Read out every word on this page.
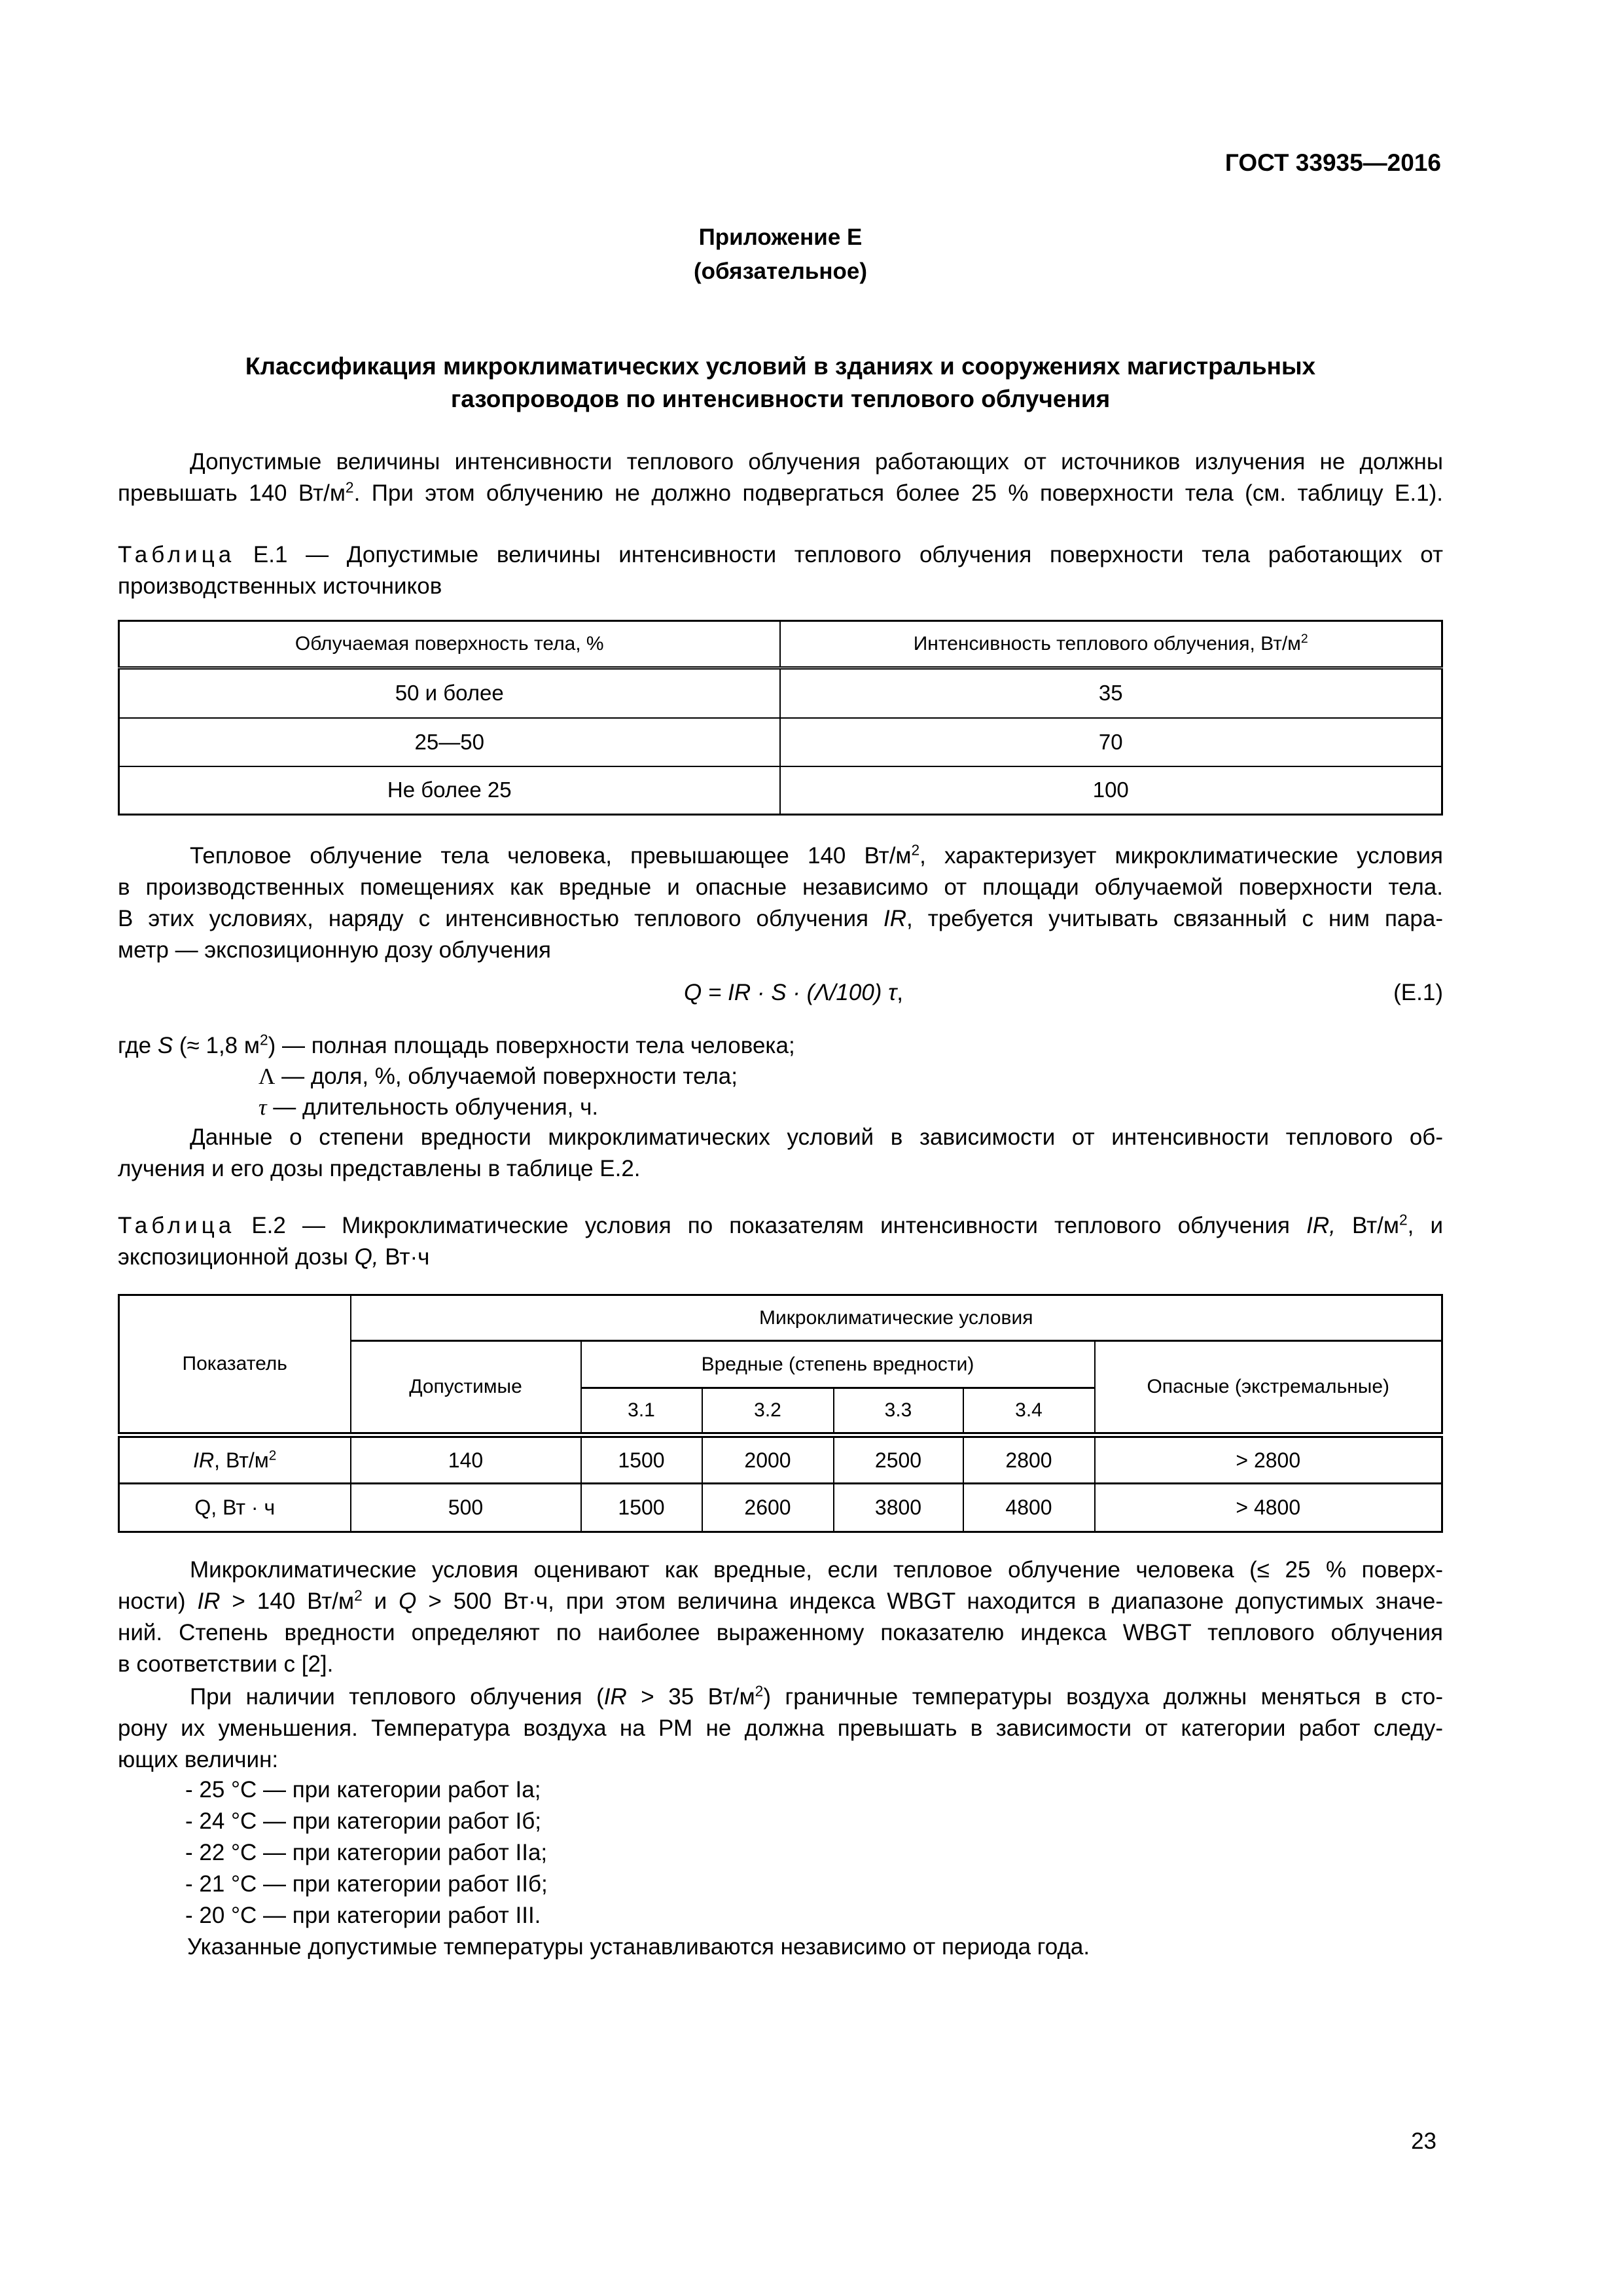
ГОСТ 33935—2016
Приложение Е
(обязательное)
Классификация микроклиматических условий в зданиях и сооружениях магистральных
газопроводов по интенсивности теплового облучения
Допустимые величины интенсивности теплового облучения работающих от источников излучения не должны
превышать 140 $Вт/м^2$. При этом облучению не должно подвергаться более 25 % поверхности тела (см. таблицу Е.1).
Таблица Е.1 — Допустимые величины интенсивности теплового облучения поверхности тела работающих от
производственных источников
Облучаемая поверхность тела, %	Интенсивность теплового облучения, $Вт/м^2$
50 и более	35
25—50	70
Не более 25	100
Тепловое облучение тела человека, превышающее 140 $Вт/м^2$, характеризует микроклиматические условия
в производственных помещениях как вредные и опасные независимо от площади облучаемой поверхности тела.
В этих условиях, наряду с интенсивностью теплового облучения IR, требуется учитывать связанный с ним пара-
метр — экспозиционную дозу облучения
Q = IR · S · (Λ/100) τ,	(Е.1)
где S (≈ 1,8 $м^2$) — полная площадь поверхности тела человека;
Λ — доля, %, облучаемой поверхности тела;
τ — длительность облучения, ч.
Данные о степени вредности микроклиматических условий в зависимости от интенсивности теплового об-
лучения и его дозы представлены в таблице Е.2.
Таблица Е.2 — Микроклиматические условия по показателям интенсивности теплового облучения IR, $Вт/м^2$, и
экспозиционной дозы Q, Вт·ч
Показатель	Микроклиматические условия					
	Допустимые	Вредные (степень вредности)				Опасные (экстремальные)
		3.1	3.2	3.3	3.4	
IR, $Вт/м^2$	140	1500	2000	2500	2800	> 2800
Q, Вт · ч	500	1500	2600	3800	4800	> 4800
Микроклиматические условия оценивают как вредные, если тепловое облучение человека (≤ 25 % поверх-
ности) IR > 140 $Вт/м^2$ и Q > 500 Вт·ч, при этом величина индекса WBGT находится в диапазоне допустимых значе-
ний. Степень вредности определяют по наиболее выраженному показателю индекса WBGT теплового облучения
в соответствии с [2].
При наличии теплового облучения (IR > 35 $Вт/м^2$) граничные температуры воздуха должны меняться в сто-
рону их уменьшения. Температура воздуха на РМ не должна превышать в зависимости от категории работ следу-
ющих величин:
- 25 °С — при категории работ Iа;
- 24 °С — при категории работ Iб;
- 22 °С — при категории работ IIа;
- 21 °С — при категории работ IIб;
- 20 °С — при категории работ III.
Указанные допустимые температуры устанавливаются независимо от периода года.
23
